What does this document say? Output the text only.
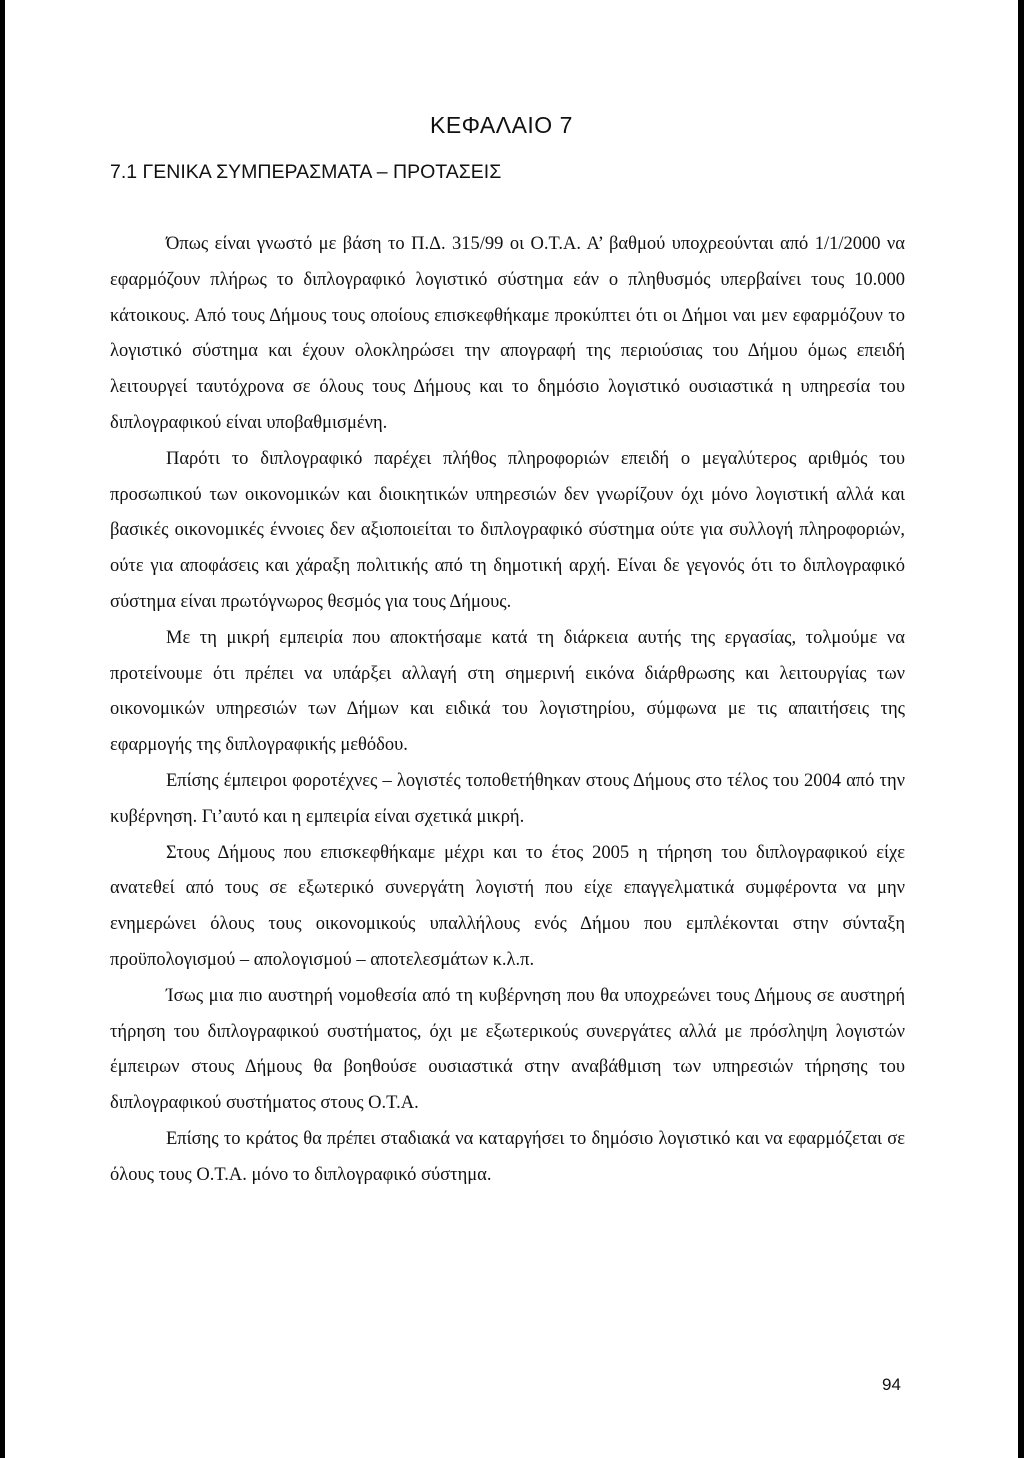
ΚΕΦΑΛΑΙΟ 7
7.1 ΓΕΝΙΚΑ ΣΥΜΠΕΡΑΣΜΑΤΑ – ΠΡΟΤΑΣΕΙΣ

Όπως είναι γνωστό με βάση το Π.Δ. 315/99 οι Ο.Τ.Α. Α’ βαθμού υποχρεούνται από 1/1/2000 να εφαρμόζουν πλήρως το διπλογραφικό λογιστικό σύστημα εάν ο πληθυσμός υπερβαίνει τους 10.000 κάτοικους. Από τους Δήμους τους οποίους επισκεφθήκαμε προκύπτει ότι οι Δήμοι ναι μεν εφαρμόζουν το λογιστικό σύστημα και έχουν ολοκληρώσει την απογραφή της περιούσιας του Δήμου όμως επειδή λειτουργεί ταυτόχρονα σε όλους τους Δήμους και το δημόσιο λογιστικό ουσιαστικά η υπηρεσία του διπλογραφικού είναι υποβαθμισμένη.

Παρότι το διπλογραφικό παρέχει πλήθος πληροφοριών επειδή ο μεγαλύτερος αριθμός του προσωπικού των οικονομικών και διοικητικών υπηρεσιών δεν γνωρίζουν όχι μόνο λογιστική αλλά και βασικές οικονομικές έννοιες δεν αξιοποιείται το διπλογραφικό σύστημα ούτε για συλλογή πληροφοριών, ούτε για αποφάσεις και χάραξη πολιτικής από τη δημοτική αρχή. Είναι δε γεγονός ότι το διπλογραφικό σύστημα είναι πρωτόγνωρος θεσμός για τους Δήμους.

Με τη μικρή εμπειρία που αποκτήσαμε κατά τη διάρκεια αυτής της εργασίας, τολμούμε να προτείνουμε ότι πρέπει να υπάρξει αλλαγή στη σημερινή εικόνα διάρθρωσης και λειτουργίας των οικονομικών υπηρεσιών των Δήμων και ειδικά του λογιστηρίου, σύμφωνα με τις απαιτήσεις της εφαρμογής της διπλογραφικής μεθόδου.

Επίσης έμπειροι φοροτέχνες – λογιστές τοποθετήθηκαν στους Δήμους στο τέλος του 2004 από την κυβέρνηση. Γι’αυτό και η εμπειρία είναι σχετικά μικρή.

Στους Δήμους που επισκεφθήκαμε μέχρι και το έτος 2005 η τήρηση του διπλογραφικού είχε ανατεθεί από τους σε εξωτερικό συνεργάτη λογιστή που είχε επαγγελματικά συμφέροντα να μην ενημερώνει όλους τους οικονομικούς υπαλλήλους ενός Δήμου που εμπλέκονται στην σύνταξη προϋπολογισμού – απολογισμού – αποτελεσμάτων κ.λ.π.

Ίσως μια πιο αυστηρή νομοθεσία από τη κυβέρνηση που θα υποχρεώνει τους Δήμους σε αυστηρή τήρηση του διπλογραφικού συστήματος, όχι με εξωτερικούς συνεργάτες αλλά με πρόσληψη λογιστών έμπειρων στους Δήμους θα βοηθούσε ουσιαστικά στην αναβάθμιση των υπηρεσιών τήρησης του διπλογραφικού συστήματος στους Ο.Τ.Α.

Επίσης το κράτος θα πρέπει σταδιακά να καταργήσει το δημόσιο λογιστικό και να εφαρμόζεται σε όλους τους Ο.Τ.Α. μόνο το διπλογραφικό σύστημα.

94
